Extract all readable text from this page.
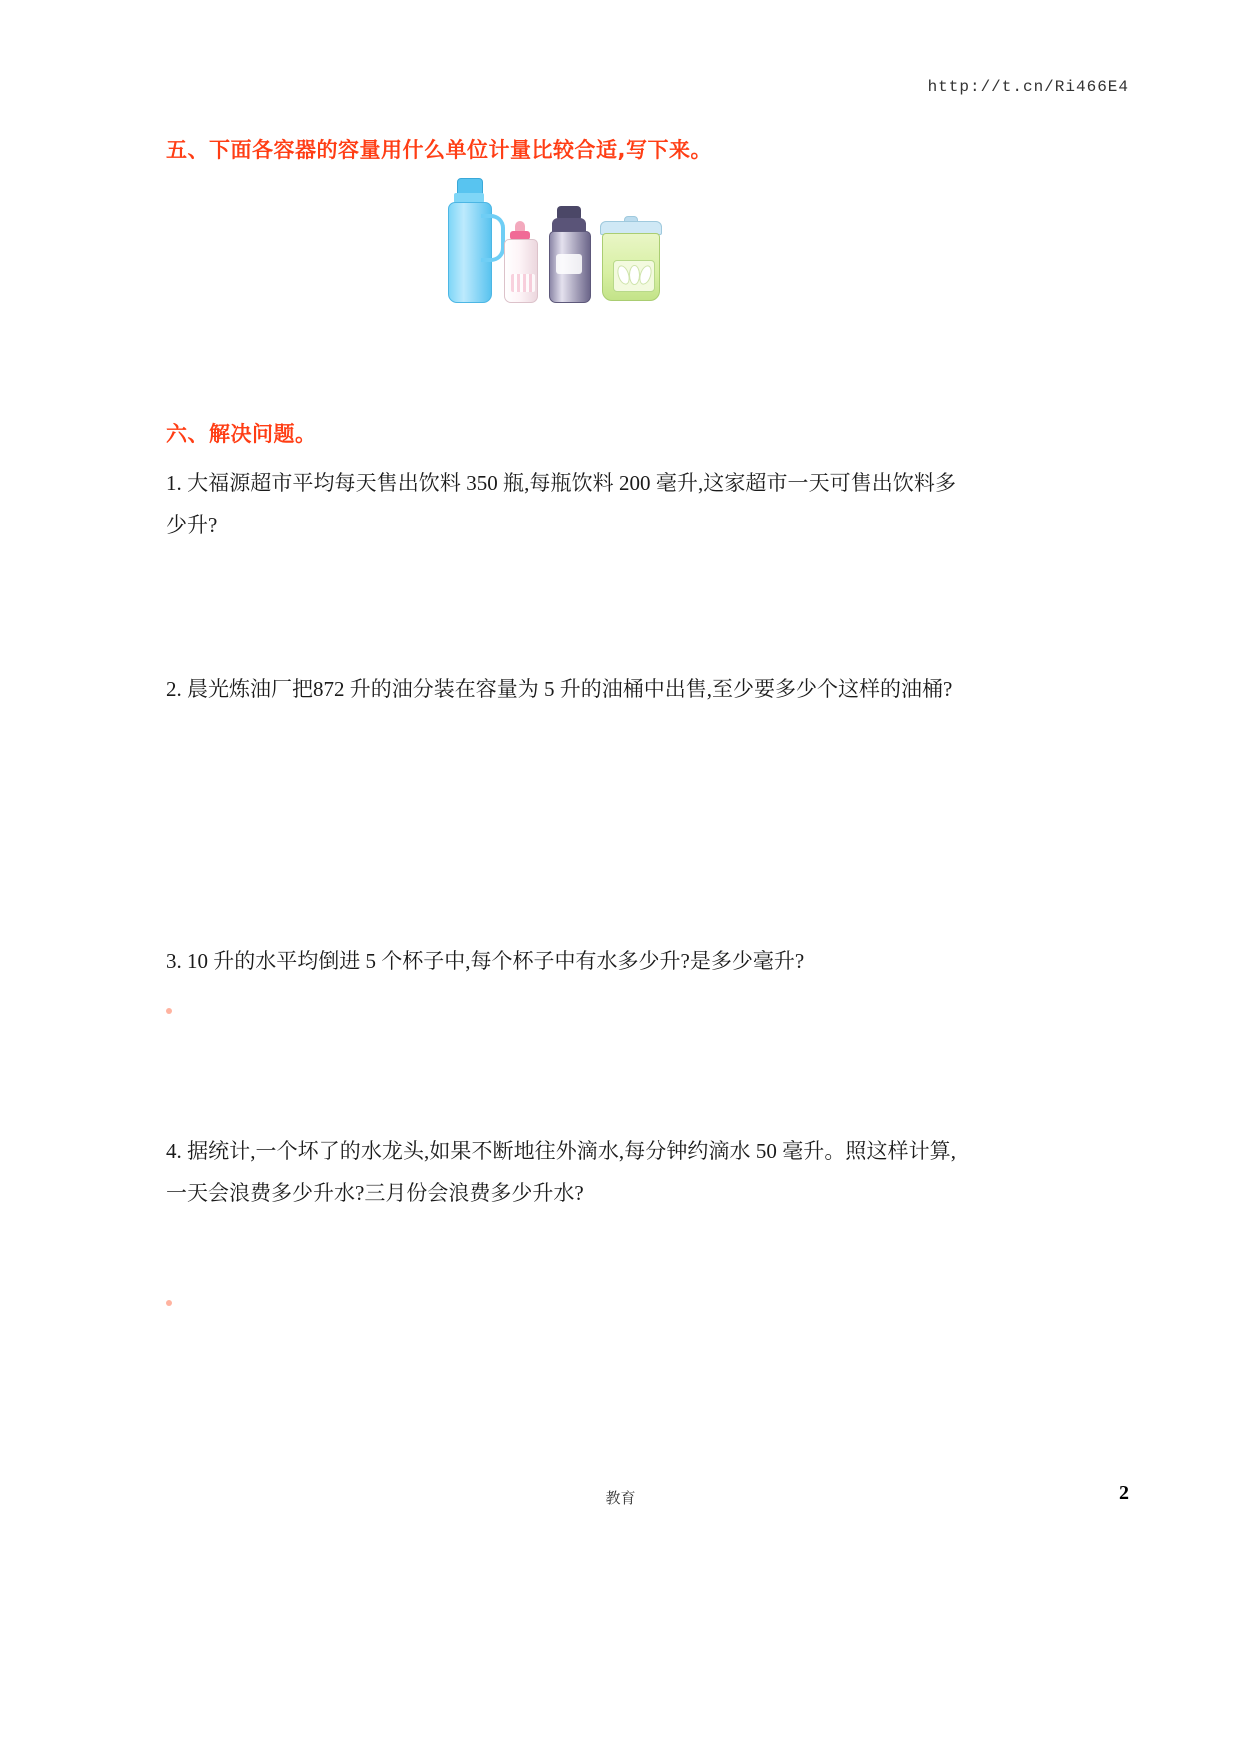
http://t.cn/Ri466E4
五、下面各容器的容量用什么单位计量比较合适,写下来。
六、解决问题。
1. 大福源超市平均每天售出饮料 350 瓶,每瓶饮料 200 毫升,这家超市一天可售出饮料多少升?
2. 晨光炼油厂把872 升的油分装在容量为 5 升的油桶中出售,至少要多少个这样的油桶?
3. 10 升的水平均倒进 5 个杯子中,每个杯子中有水多少升?是多少毫升?
4. 据统计,一个坏了的水龙头,如果不断地往外滴水,每分钟约滴水 50 毫升。照这样计算,一天会浪费多少升水?三月份会浪费多少升水?
教育	2
